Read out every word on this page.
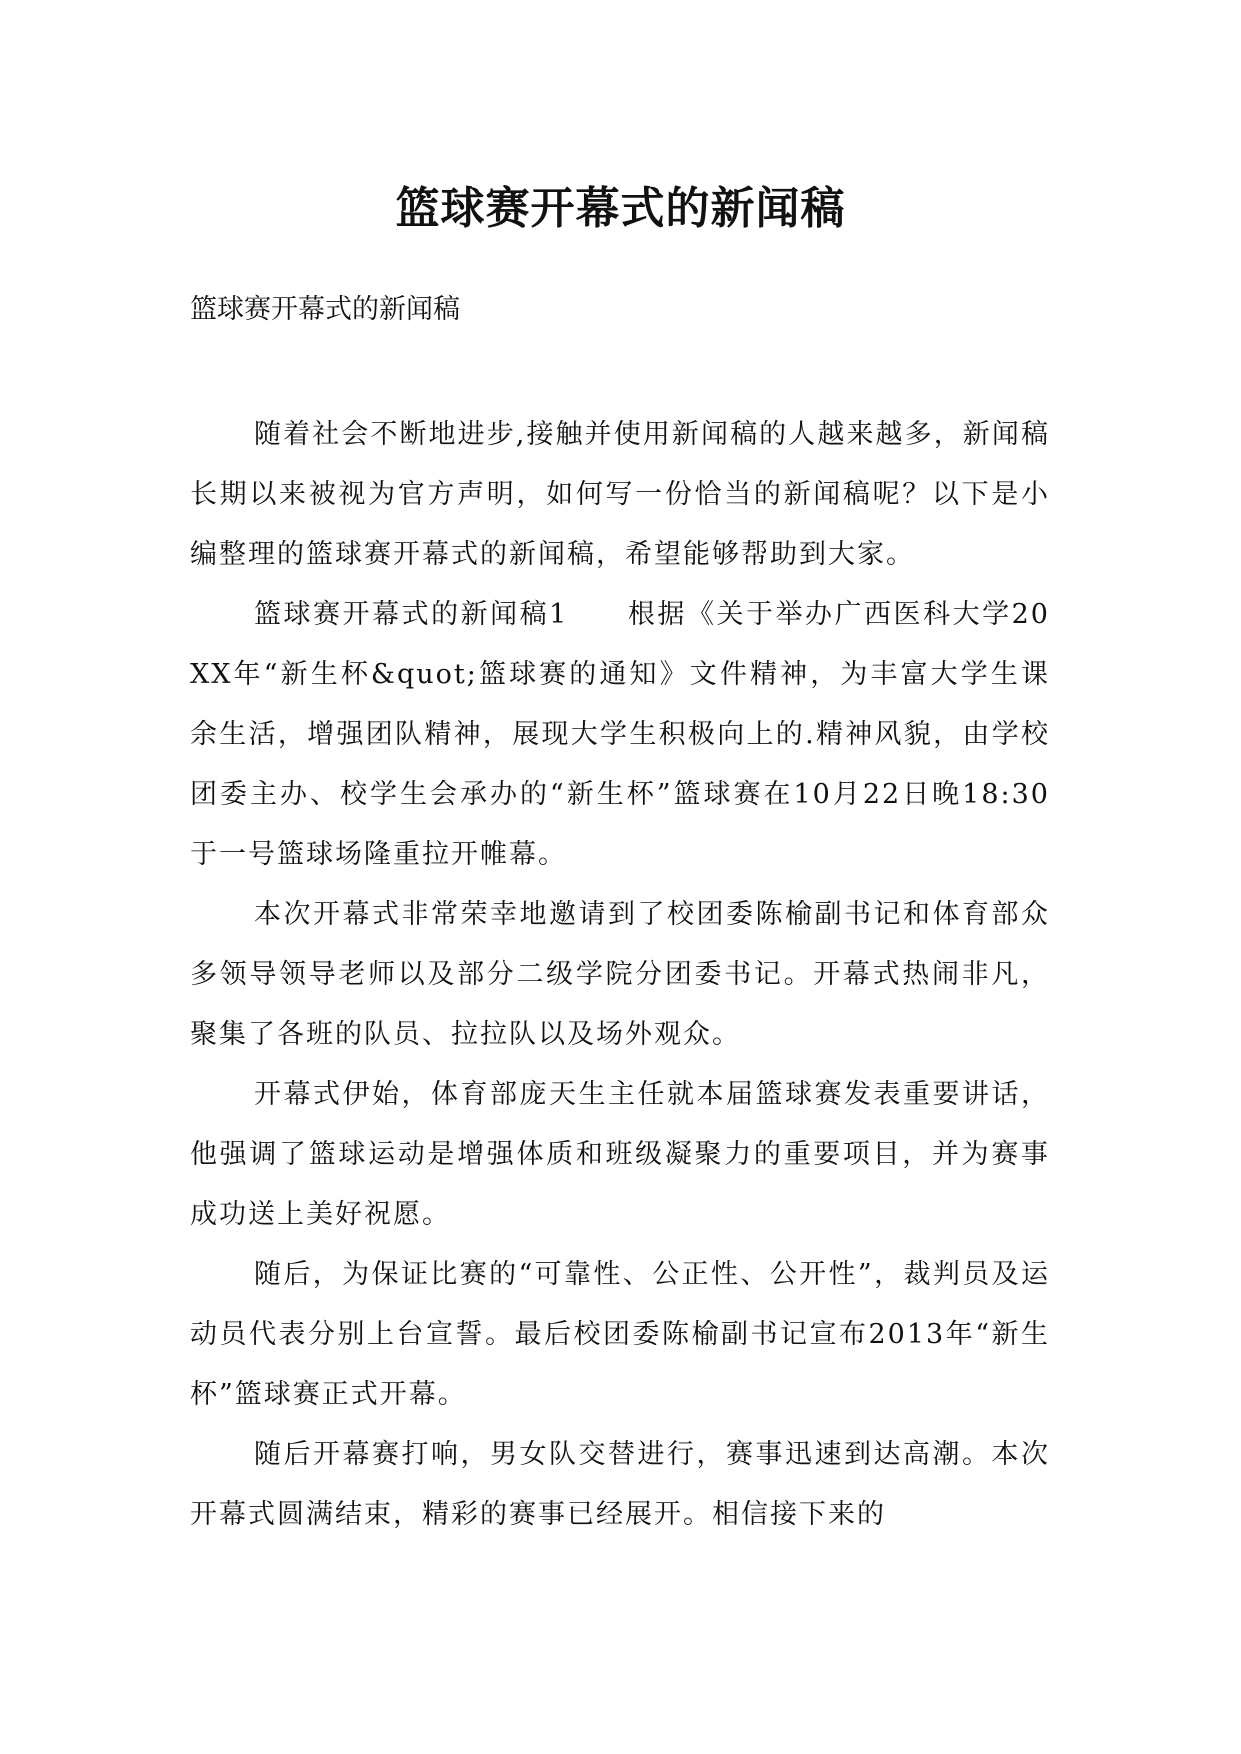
篮球赛开幕式的新闻稿
篮球赛开幕式的新闻稿

随着社会不断地进步,接触并使用新闻稿的人越来越多，新闻稿长期以来被视为官方声明，如何写一份恰当的新闻稿呢？以下是小编整理的篮球赛开幕式的新闻稿，希望能够帮助到大家。

篮球赛开幕式的新闻稿1　　根据《关于举办广西医科大学20XX年“新生杯&quot;篮球赛的通知》文件精神，为丰富大学生课余生活，增强团队精神，展现大学生积极向上的.精神风貌，由学校团委主办、校学生会承办的“新生杯”篮球赛在10月22日晚18:30于一号篮球场隆重拉开帷幕。

本次开幕式非常荣幸地邀请到了校团委陈榆副书记和体育部众多领导领导老师以及部分二级学院分团委书记。开幕式热闹非凡，聚集了各班的队员、拉拉队以及场外观众。

开幕式伊始，体育部庞天生主任就本届篮球赛发表重要讲话，他强调了篮球运动是增强体质和班级凝聚力的重要项目，并为赛事成功送上美好祝愿。

随后，为保证比赛的“可靠性、公正性、公开性”，裁判员及运动员代表分别上台宣誓。最后校团委陈榆副书记宣布2013年“新生杯”篮球赛正式开幕。

随后开幕赛打响，男女队交替进行，赛事迅速到达高潮。本次开幕式圆满结束，精彩的赛事已经展开。相信接下来的
